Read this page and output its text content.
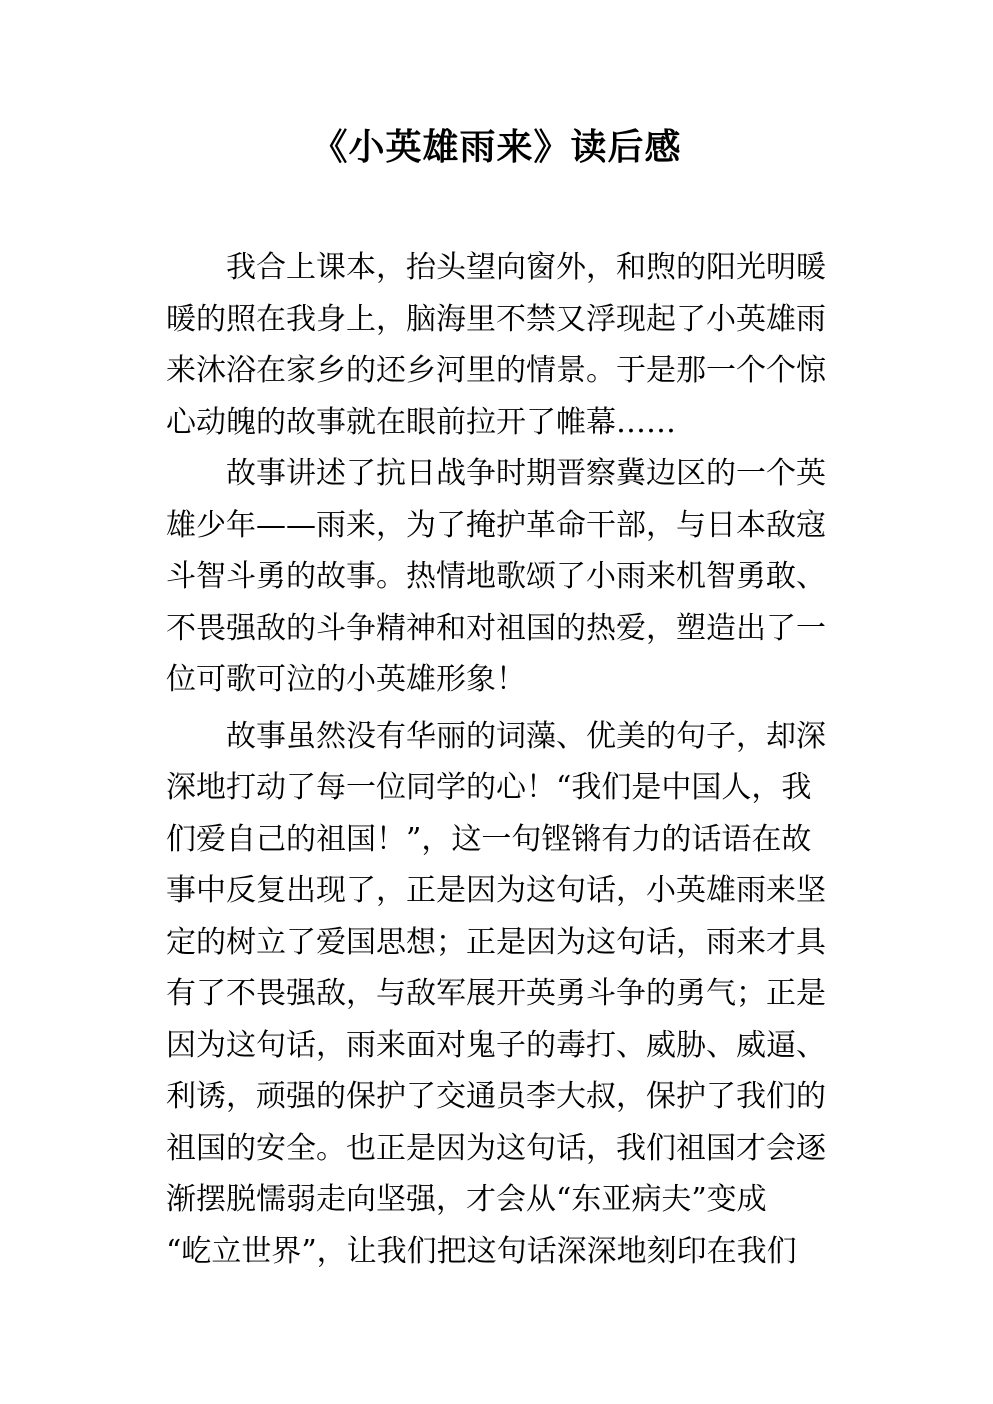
《小英雄雨来》读后感
　　我合上课本，抬头望向窗外，和煦的阳光明暖
暖的照在我身上，脑海里不禁又浮现起了小英雄雨
来沐浴在家乡的还乡河里的情景。于是那一个个惊
心动魄的故事就在眼前拉开了帷幕……
　　故事讲述了抗日战争时期晋察冀边区的一个英
雄少年——雨来，为了掩护革命干部，与日本敌寇
斗智斗勇的故事。热情地歌颂了小雨来机智勇敢、
不畏强敌的斗争精神和对祖国的热爱，塑造出了一
位可歌可泣的小英雄形象！
　　故事虽然没有华丽的词藻、优美的句子，却深
深地打动了每一位同学的心！“我们是中国人，我
们爱自己的祖国！”，这一句铿锵有力的话语在故
事中反复出现了，正是因为这句话，小英雄雨来坚
定的树立了爱国思想；正是因为这句话，雨来才具
有了不畏强敌，与敌军展开英勇斗争的勇气；正是
因为这句话，雨来面对鬼子的毒打、威胁、威逼、
利诱，顽强的保护了交通员李大叔，保护了我们的
祖国的安全。也正是因为这句话，我们祖国才会逐
渐摆脱懦弱走向坚强，才会从“东亚病夫”变成
“屹立世界”，让我们把这句话深深地刻印在我们
